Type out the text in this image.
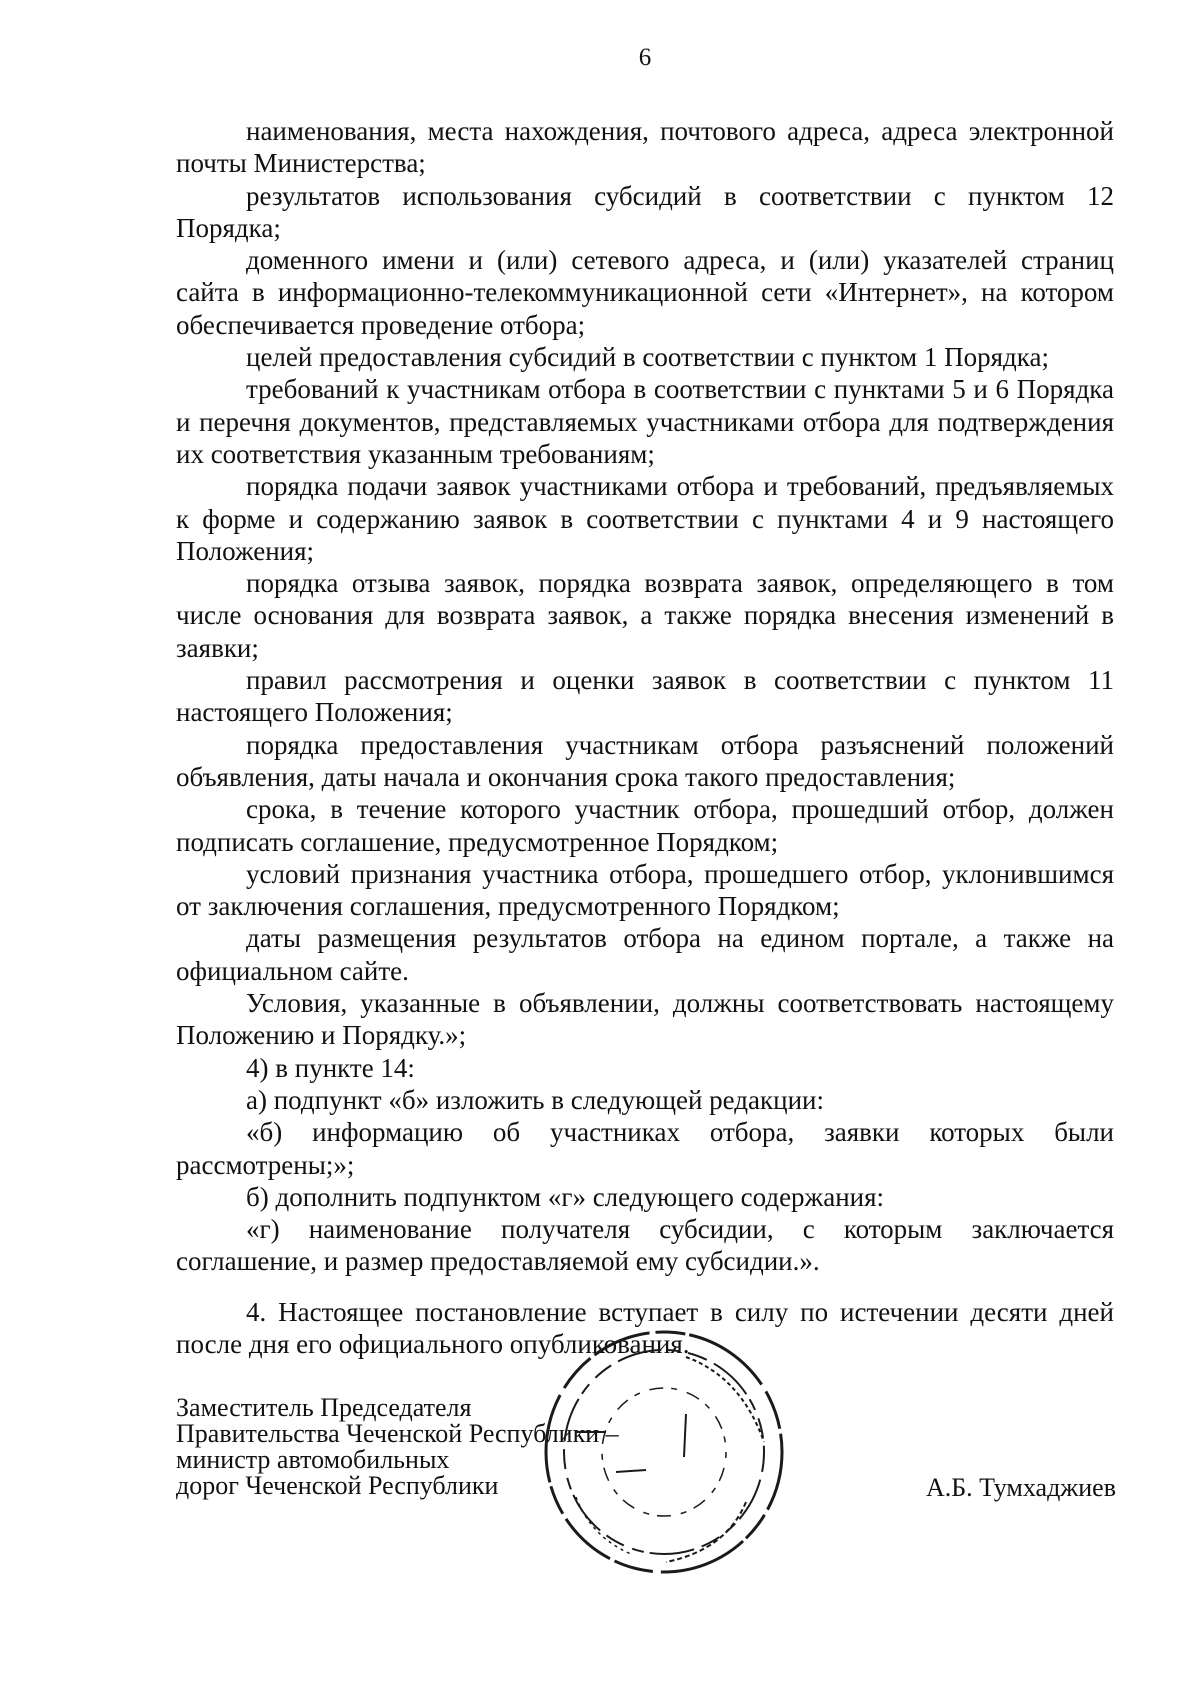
6

наименования, места нахождения, почтового адреса, адреса электронной почты Министерства;

результатов использования субсидий в соответствии с пунктом 12 Порядка;

доменного имени и (или) сетевого адреса, и (или) указателей страниц сайта в информационно-телекоммуникационной сети «Интернет», на котором обеспечивается проведение отбора;

целей предоставления субсидий в соответствии с пунктом 1 Порядка;

требований к участникам отбора в соответствии с пунктами 5 и 6 Порядка и перечня документов, представляемых участниками отбора для подтверждения их соответствия указанным требованиям;

порядка подачи заявок участниками отбора и требований, предъявляемых к форме и содержанию заявок в соответствии с пунктами 4 и 9 настоящего Положения;

порядка отзыва заявок, порядка возврата заявок, определяющего в том числе основания для возврата заявок, а также порядка внесения изменений в заявки;

правил рассмотрения и оценки заявок в соответствии с пунктом 11 настоящего Положения;

порядка предоставления участникам отбора разъяснений положений объявления, даты начала и окончания срока такого предоставления;

срока, в течение которого участник отбора, прошедший отбор, должен подписать соглашение, предусмотренное Порядком;

условий признания участника отбора, прошедшего отбор, уклонившимся от заключения соглашения, предусмотренного Порядком;

даты размещения результатов отбора на едином портале, а также на официальном сайте.

Условия, указанные в объявлении, должны соответствовать настоящему Положению и Порядку.»;

4) в пункте 14:

а) подпункт «б» изложить в следующей редакции:

«б) информацию об участниках отбора, заявки которых были рассмотрены;»;

б) дополнить подпунктом «г» следующего содержания:

«г) наименование получателя субсидии, с которым заключается соглашение, и размер предоставляемой ему субсидии.».

4. Настоящее постановление вступает в силу по истечении десяти дней после дня его официального опубликования.

Заместитель Председателя
Правительства Чеченской Республики –
министр автомобильных
дорог Чеченской Республики	А.Б. Тумхаджиев
